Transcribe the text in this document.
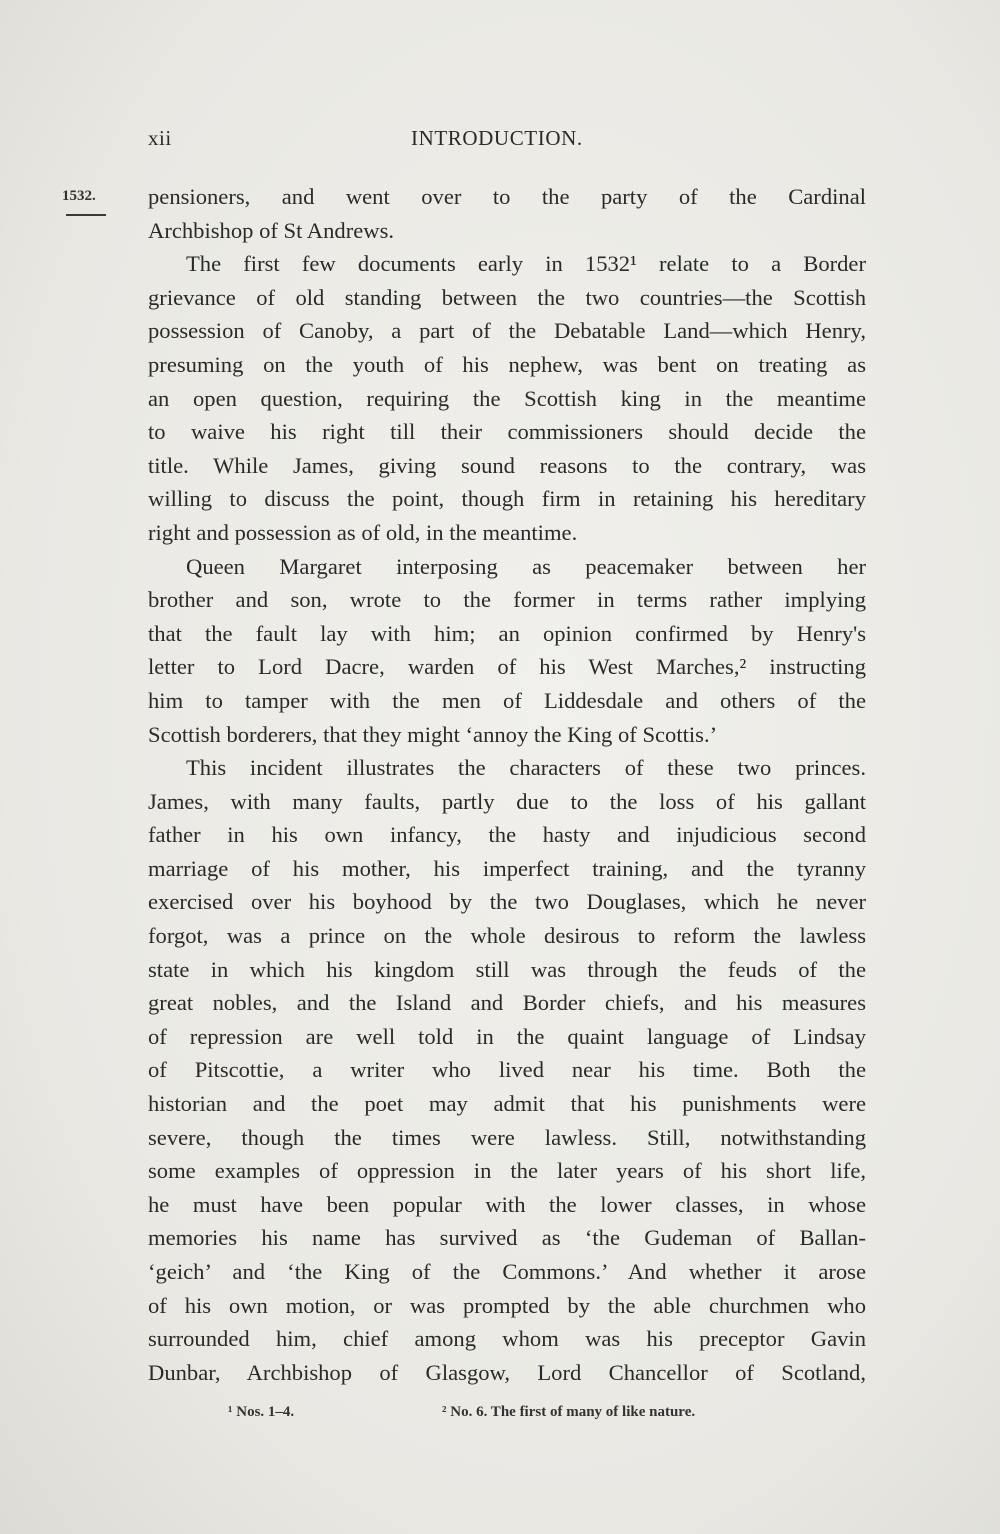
xii	INTRODUCTION.
1532. pensioners, and went over to the party of the Cardinal
Archbishop of St Andrews.
The first few documents early in 1532¹ relate to a Border
grievance of old standing between the two countries—the Scottish
possession of Canoby, a part of the Debatable Land—which Henry,
presuming on the youth of his nephew, was bent on treating as
an open question, requiring the Scottish king in the meantime
to waive his right till their commissioners should decide the
title. While James, giving sound reasons to the contrary, was
willing to discuss the point, though firm in retaining his hereditary
right and possession as of old, in the meantime.
Queen Margaret interposing as peacemaker between her
brother and son, wrote to the former in terms rather implying
that the fault lay with him; an opinion confirmed by Henry's
letter to Lord Dacre, warden of his West Marches,² instructing
him to tamper with the men of Liddesdale and others of the
Scottish borderers, that they might ‘annoy the King of Scottis.’
This incident illustrates the characters of these two princes.
James, with many faults, partly due to the loss of his gallant
father in his own infancy, the hasty and injudicious second
marriage of his mother, his imperfect training, and the tyranny
exercised over his boyhood by the two Douglases, which he never
forgot, was a prince on the whole desirous to reform the lawless
state in which his kingdom still was through the feuds of the
great nobles, and the Island and Border chiefs, and his measures
of repression are well told in the quaint language of Lindsay
of Pitscottie, a writer who lived near his time. Both the
historian and the poet may admit that his punishments were
severe, though the times were lawless. Still, notwithstanding
some examples of oppression in the later years of his short life,
he must have been popular with the lower classes, in whose
memories his name has survived as ‘the Gudeman of Ballan-
‘geich’ and ‘the King of the Commons.’ And whether it arose
of his own motion, or was prompted by the able churchmen who
surrounded him, chief among whom was his preceptor Gavin
Dunbar, Archbishop of Glasgow, Lord Chancellor of Scotland,
¹ Nos. 1–4.	² No. 6. The first of many of like nature.
